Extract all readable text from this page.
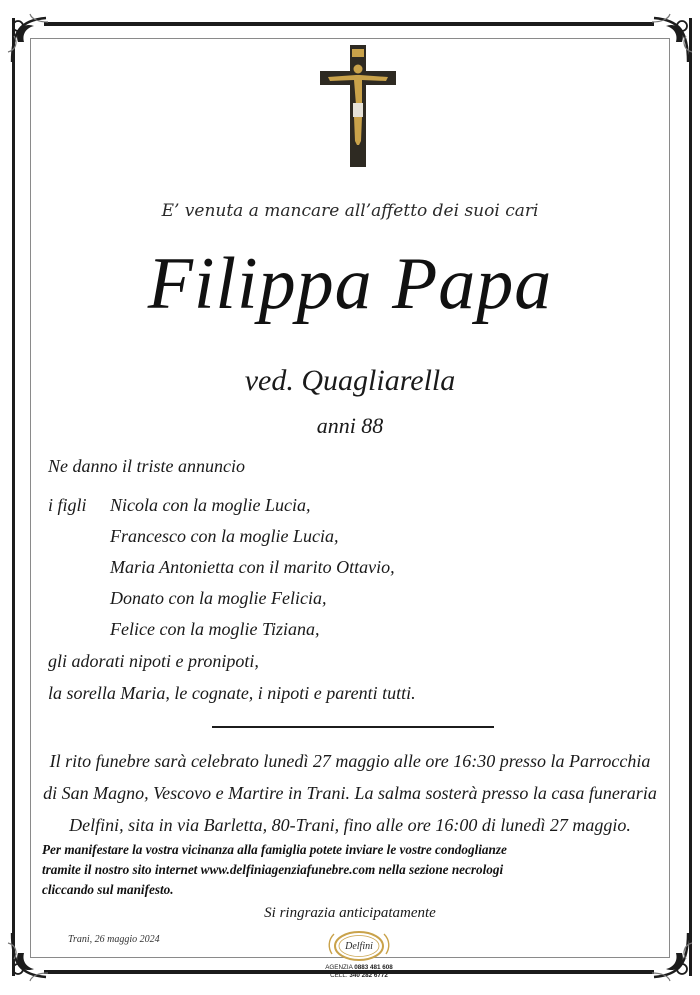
E’ venuta a mancare all’affetto dei suoi cari
Filippa Papa
ved. Quagliarella
anni 88
Ne danno il triste annuncio
i figli Nicola con la moglie Lucia,
Francesco con la moglie Lucia,
Maria Antonietta con il marito Ottavio,
Donato con la moglie Felicia,
Felice con la moglie Tiziana,
gli adorati nipoti e pronipoti,
la sorella Maria, le cognate, i nipoti e parenti tutti.
Il rito funebre sarà celebrato lunedì 27 maggio alle ore 16:30 presso la Parrocchia
di San Magno, Vescovo e Martire in Trani. La salma sosterà presso la casa funeraria
Delfini, sita in via Barletta, 80-Trani, fino alle ore 16:00 di lunedì 27 maggio.
Per manifestare la vostra vicinanza alla famiglia potete inviare le vostre condoglianze
tramite il nostro sito internet www.delfiniagenziafunebre.com nella sezione necrologi
cliccando sul manifesto.
Si ringrazia anticipatamente
Trani, 26 maggio 2024
Delfini
AGENZIA 0883 481 608
CELL. 340 282 6772
